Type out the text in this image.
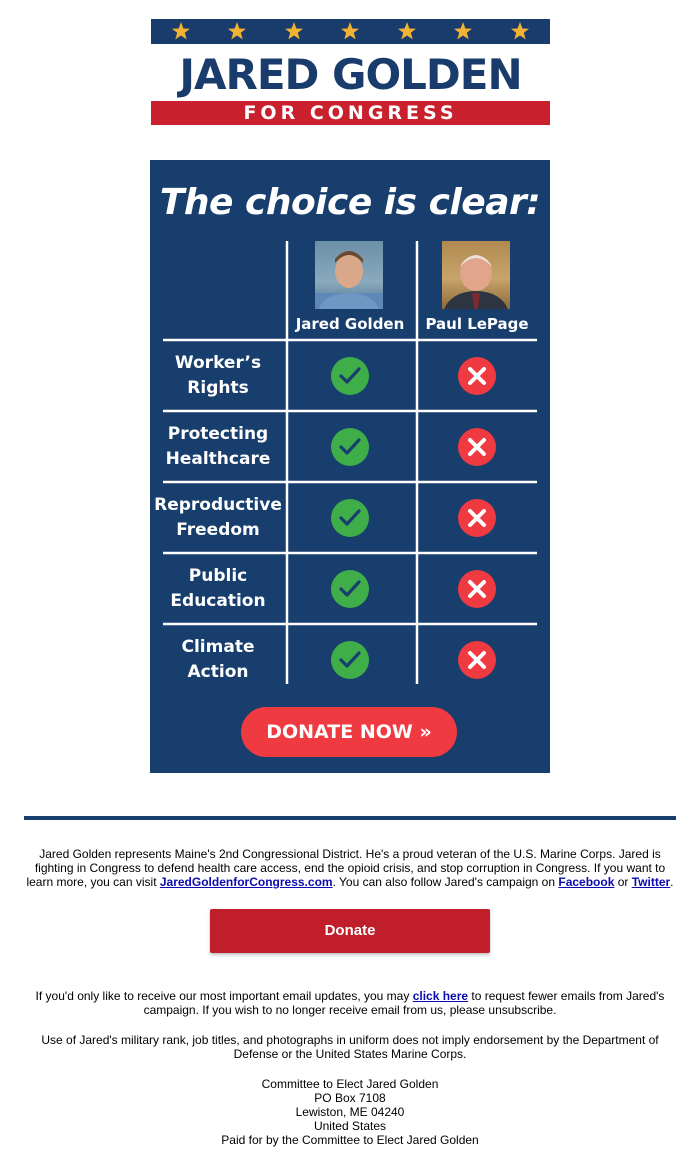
JARED GOLDEN
FOR CONGRESS
The choice is clear:
Jared Golden	Paul LePage
Worker’s
Rights
Protecting
Healthcare
Reproductive
Freedom
Public
Education
Climate
Action
DONATE NOW »
Jared Golden represents Maine's 2nd Congressional District. He's a proud veteran of the U.S. Marine Corps. Jared is fighting in Congress to defend health care access, end the opioid crisis, and stop corruption in Congress. If you want to learn more, you can visit JaredGoldenforCongress.com. You can also follow Jared's campaign on Facebook or Twitter.
Donate
If you'd only like to receive our most important email updates, you may click here to request fewer emails from Jared's campaign. If you wish to no longer receive email from us, please unsubscribe.
Use of Jared's military rank, job titles, and photographs in uniform does not imply endorsement by the Department of Defense or the United States Marine Corps.
Committee to Elect Jared Golden
PO Box 7108
Lewiston, ME 04240
United States
Paid for by the Committee to Elect Jared Golden
